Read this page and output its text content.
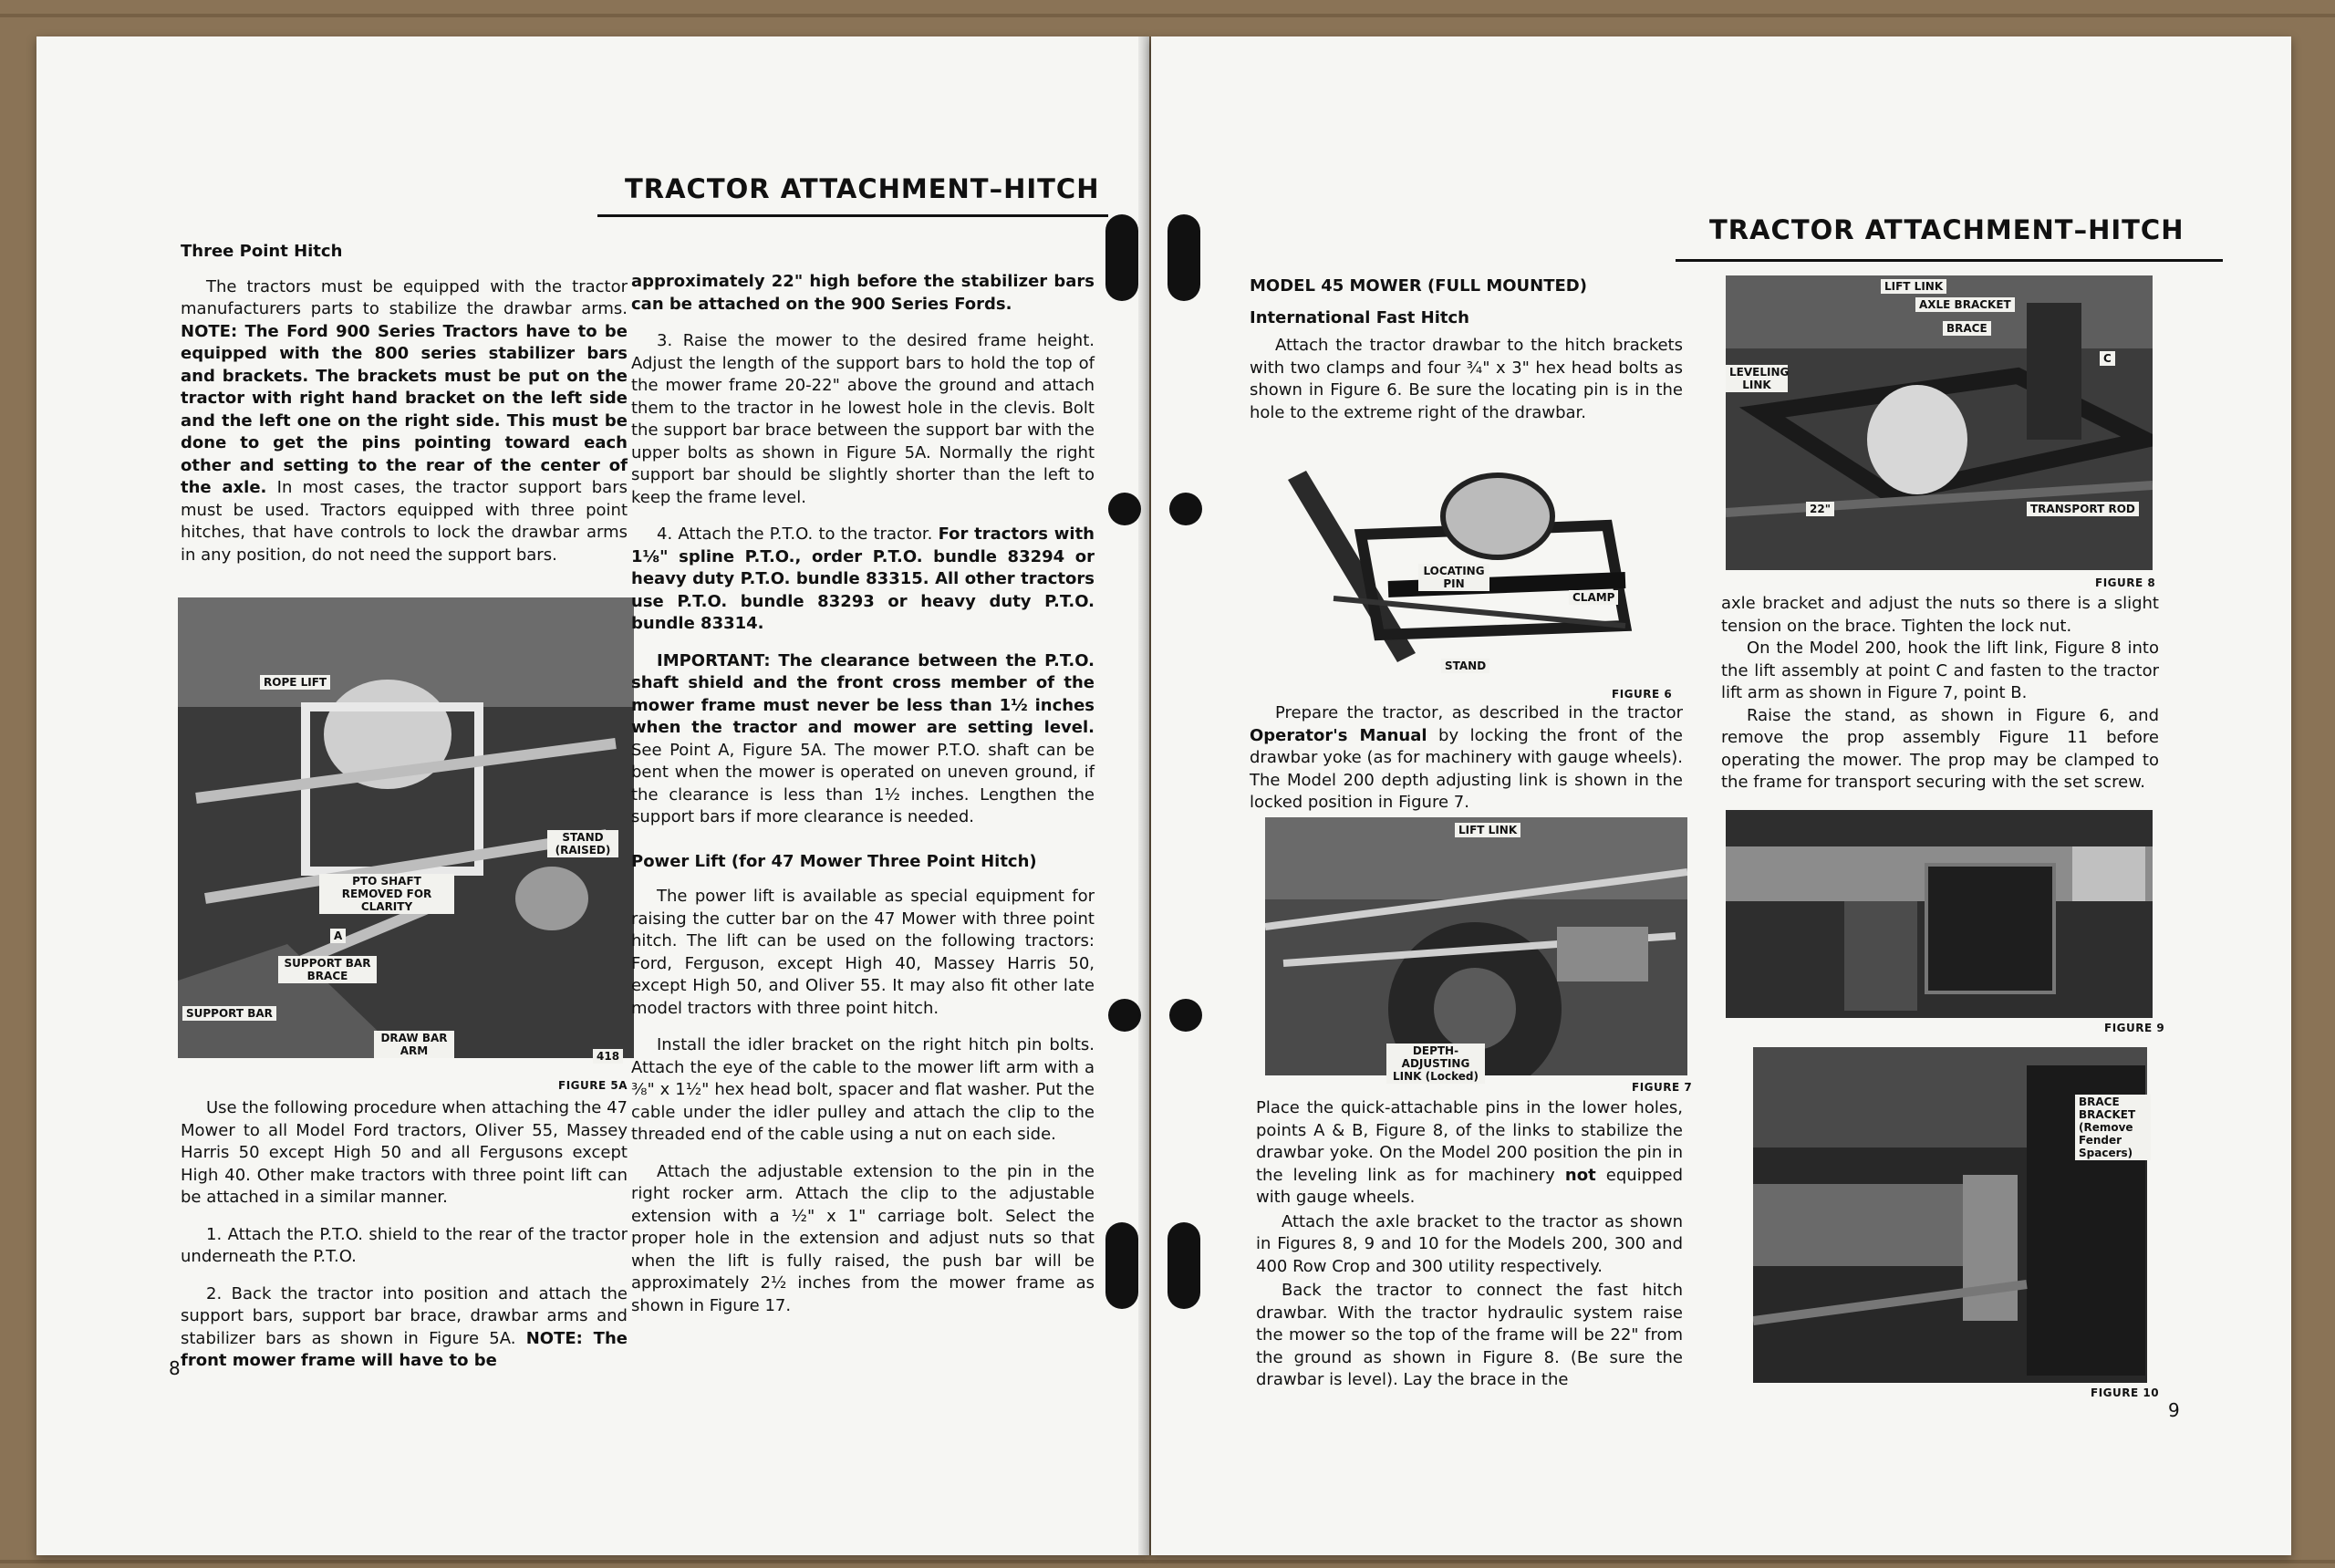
TRACTOR ATTACHMENT–HITCH
Three Point Hitch

The tractors must be equipped with the tractor manufacturers parts to stabilize the drawbar arms. NOTE: The Ford 900 Series Tractors have to be equipped with the 800 series stabilizer bars and brackets. The brackets must be put on the tractor with right hand bracket on the left side and the left one on the right side. This must be done to get the pins pointing toward each other and setting to the rear of the center of the axle. In most cases, the tractor support bars must be used. Tractors equipped with three point hitches, that have controls to lock the drawbar arms in any position, do not need the support bars.

ROPE LIFT
STAND (RAISED)
PTO SHAFT REMOVED FOR CLARITY
A
SUPPORT BAR BRACE
SUPPORT BAR
DRAW BAR ARM	418
FIGURE 5A

Use the following procedure when attaching the 47 Mower to all Model Ford tractors, Oliver 55, Massey Harris 50 except High 50 and all Fergusons except High 40. Other make tractors with three point lift can be attached in a similar manner.

1. Attach the P.T.O. shield to the rear of the tractor underneath the P.T.O.

2. Back the tractor into position and attach the support bars, support bar brace, drawbar arms and stabilizer bars as shown in Figure 5A. NOTE: The front mower frame will have to be

approximately 22" high before the stabilizer bars can be attached on the 900 Series Fords.

3. Raise the mower to the desired frame height. Adjust the length of the support bars to hold the top of the mower frame 20-22" above the ground and attach them to the tractor in he lowest hole in the clevis. Bolt the support bar brace between the support bar with the upper bolts as shown in Figure 5A. Normally the right support bar should be slightly shorter than the left to keep the frame level.

4. Attach the P.T.O. to the tractor. For tractors with 1⅛" spline P.T.O., order P.T.O. bundle 83294 or heavy duty P.T.O. bundle 83315. All other tractors use P.T.O. bundle 83293 or heavy duty P.T.O. bundle 83314.

IMPORTANT: The clearance between the P.T.O. shaft shield and the front cross member of the mower frame must never be less than 1½ inches when the tractor and mower are setting level. See Point A, Figure 5A. The mower P.T.O. shaft can be bent when the mower is operated on uneven ground, if the clearance is less than 1½ inches. Lengthen the support bars if more clearance is needed.

Power Lift (for 47 Mower Three Point Hitch)

The power lift is available as special equipment for raising the cutter bar on the 47 Mower with three point hitch. The lift can be used on the following tractors: Ford, Ferguson, except High 40, Massey Harris 50, except High 50, and Oliver 55. It may also fit other late model tractors with three point hitch.

Install the idler bracket on the right hitch pin bolts. Attach the eye of the cable to the mower lift arm with a ⅜" x 1½" hex head bolt, spacer and flat washer. Put the cable under the idler pulley and attach the clip to the threaded end of the cable using a nut on each side.

Attach the adjustable extension to the pin in the right rocker arm. Attach the clip to the adjustable extension with a ½" x 1" carriage bolt. Select the proper hole in the extension and adjust nuts so that when the lift is fully raised, the push bar will be approximately 2½ inches from the mower frame as shown in Figure 17.

8
TRACTOR ATTACHMENT–HITCH
MODEL 45 MOWER (FULL MOUNTED)
International Fast Hitch

Attach the tractor drawbar to the hitch brackets with two clamps and four ¾" x 3" hex head bolts as shown in Figure 6. Be sure the locating pin is in the hole to the extreme right of the drawbar.

LOCATING PIN
CLAMP
STAND
FIGURE 6

Prepare the tractor, as described in the tractor Operator's Manual by locking the front of the drawbar yoke (as for machinery with gauge wheels). The Model 200 depth adjusting link is shown in the locked position in Figure 7.

LIFT LINK
DEPTH-ADJUSTING LINK (Locked)
FIGURE 7

Place the quick-attachable pins in the lower holes, points A & B, Figure 8, of the links to stabilize the drawbar yoke. On the Model 200 position the pin in the leveling link as for machinery not equipped with gauge wheels.

Attach the axle bracket to the tractor as shown in Figures 8, 9 and 10 for the Models 200, 300 and 400 Row Crop and 300 utility respectively.

Back the tractor to connect the fast hitch drawbar. With the tractor hydraulic system raise the mower so the top of the frame will be 22" from the ground as shown in Figure 8. (Be sure the drawbar is level). Lay the brace in the

LIFT LINK
AXLE BRACKET
BRACE
LEVELING LINK
C
22"	TRANSPORT ROD
FIGURE 8

axle bracket and adjust the nuts so there is a slight tension on the brace. Tighten the lock nut.

On the Model 200, hook the lift link, Figure 8 into the lift assembly at point C and fasten to the tractor lift arm as shown in Figure 7, point B.

Raise the stand, as shown in Figure 6, and remove the prop assembly Figure 11 before operating the mower. The prop may be clamped to the frame for transport securing with the set screw.

FIGURE 9
BRACE BRACKET (Remove Fender Spacers)
FIGURE 10
9
